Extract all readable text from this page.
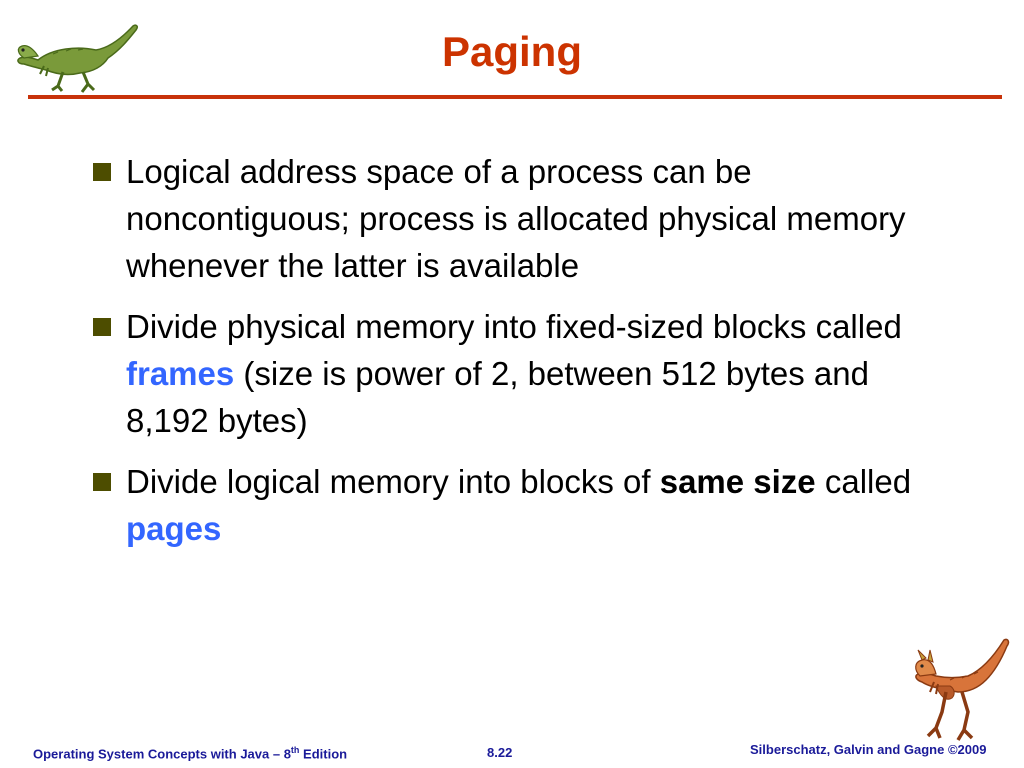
Paging
Logical address space of a process can be noncontiguous; process is allocated physical memory whenever the latter is available
Divide physical memory into fixed-sized blocks called frames (size is power of 2, between 512 bytes and 8,192 bytes)
Divide logical memory into blocks of same size called pages
Operating System Concepts with Java – 8th Edition	8.22	Silberschatz, Galvin and Gagne ©2009
